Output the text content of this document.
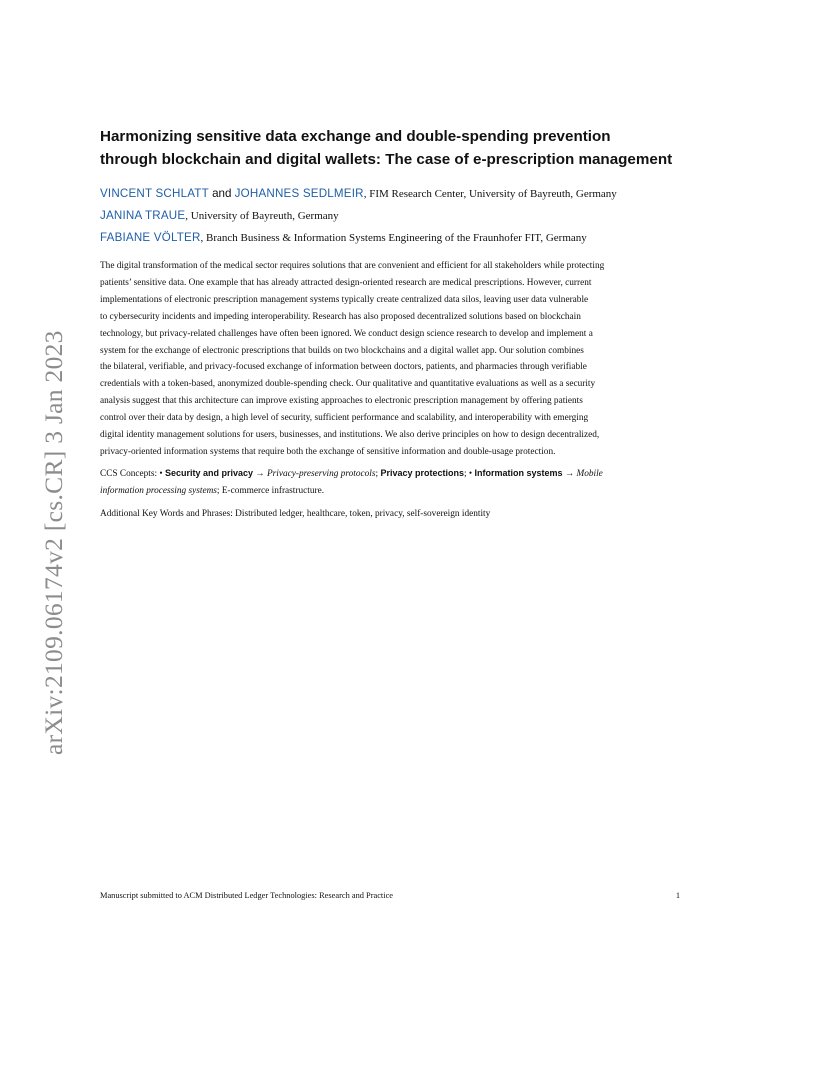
arXiv:2109.06174v2 [cs.CR] 3 Jan 2023
Harmonizing sensitive data exchange and double-spending prevention
through blockchain and digital wallets: The case of e-prescription management
VINCENT SCHLATT and JOHANNES SEDLMEIR, FIM Research Center, University of Bayreuth, Germany
JANINA TRAUE, University of Bayreuth, Germany
FABIANE VÖLTER, Branch Business & Information Systems Engineering of the Fraunhofer FIT, Germany
The digital transformation of the medical sector requires solutions that are convenient and efficient for all stakeholders while protecting
patients’ sensitive data. One example that has already attracted design-oriented research are medical prescriptions. However, current
implementations of electronic prescription management systems typically create centralized data silos, leaving user data vulnerable
to cybersecurity incidents and impeding interoperability. Research has also proposed decentralized solutions based on blockchain
technology, but privacy-related challenges have often been ignored. We conduct design science research to develop and implement a
system for the exchange of electronic prescriptions that builds on two blockchains and a digital wallet app. Our solution combines
the bilateral, verifiable, and privacy-focused exchange of information between doctors, patients, and pharmacies through verifiable
credentials with a token-based, anonymized double-spending check. Our qualitative and quantitative evaluations as well as a security
analysis suggest that this architecture can improve existing approaches to electronic prescription management by offering patients
control over their data by design, a high level of security, sufficient performance and scalability, and interoperability with emerging
digital identity management solutions for users, businesses, and institutions. We also derive principles on how to design decentralized,
privacy-oriented information systems that require both the exchange of sensitive information and double-usage protection.
CCS Concepts: • Security and privacy → Privacy-preserving protocols; Privacy protections; • Information systems → Mobile
information processing systems; E-commerce infrastructure.
Additional Key Words and Phrases: Distributed ledger, healthcare, token, privacy, self-sovereign identity
Manuscript submitted to ACM Distributed Ledger Technologies: Research and Practice	1
